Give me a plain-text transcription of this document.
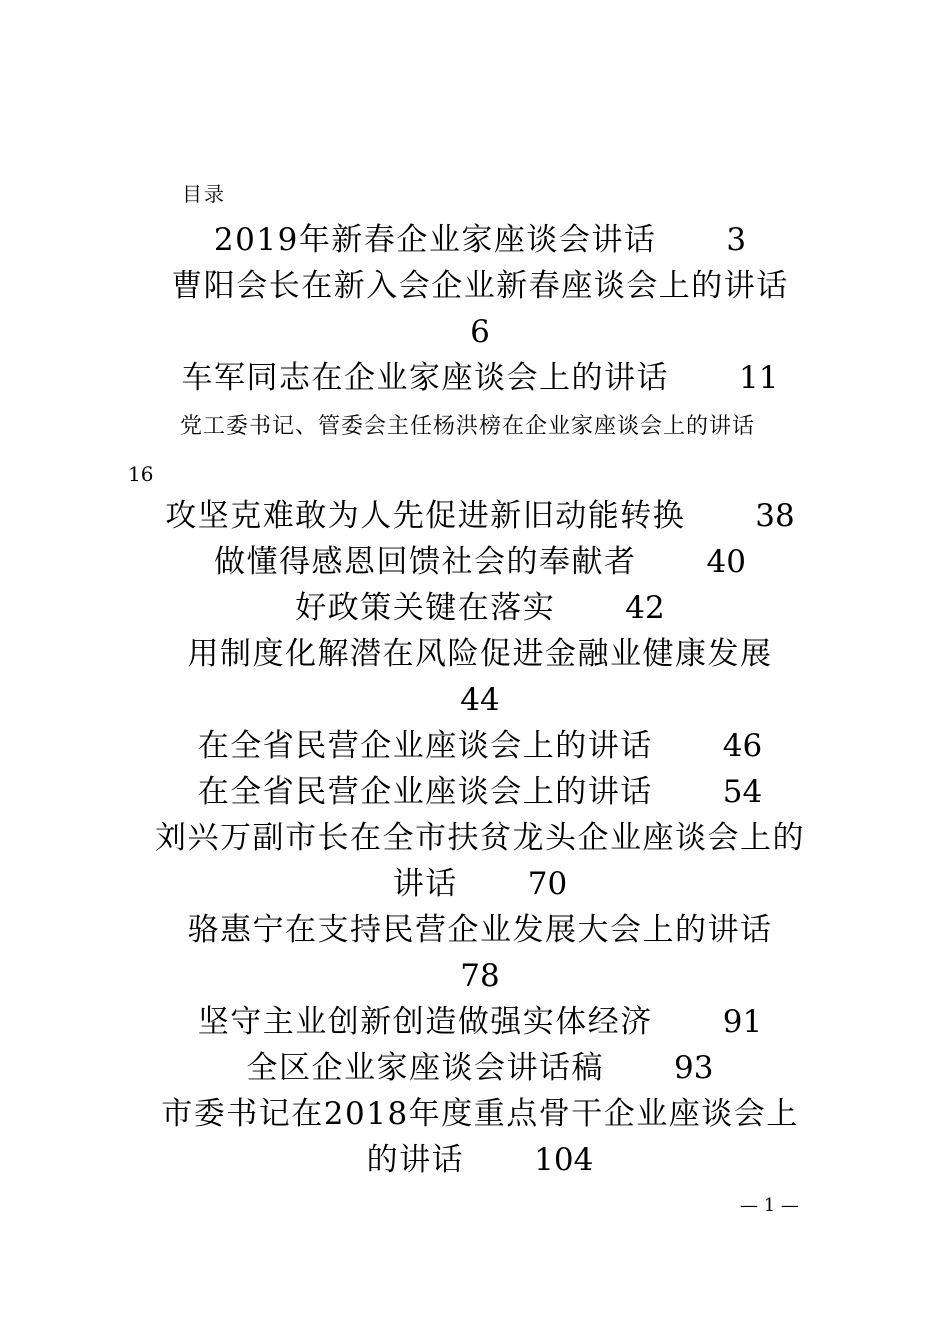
目录
2019年新春企业家座谈会讲话 3
曹阳会长在新入会企业新春座谈会上的讲话
6
车军同志在企业家座谈会上的讲话 11
党工委书记、管委会主任杨洪榜在企业家座谈会上的讲话
16
攻坚克难敢为人先促进新旧动能转换 38
做懂得感恩回馈社会的奉献者 40
好政策关键在落实 42
用制度化解潜在风险促进金融业健康发展
44
在全省民营企业座谈会上的讲话 46
在全省民营企业座谈会上的讲话 54
刘兴万副市长在全市扶贫龙头企业座谈会上的
讲话 70
骆惠宁在支持民营企业发展大会上的讲话
78
坚守主业创新创造做强实体经济 91
全区企业家座谈会讲话稿 93
市委书记在2018年度重点骨干企业座谈会上
的讲话 104
— 1 —
